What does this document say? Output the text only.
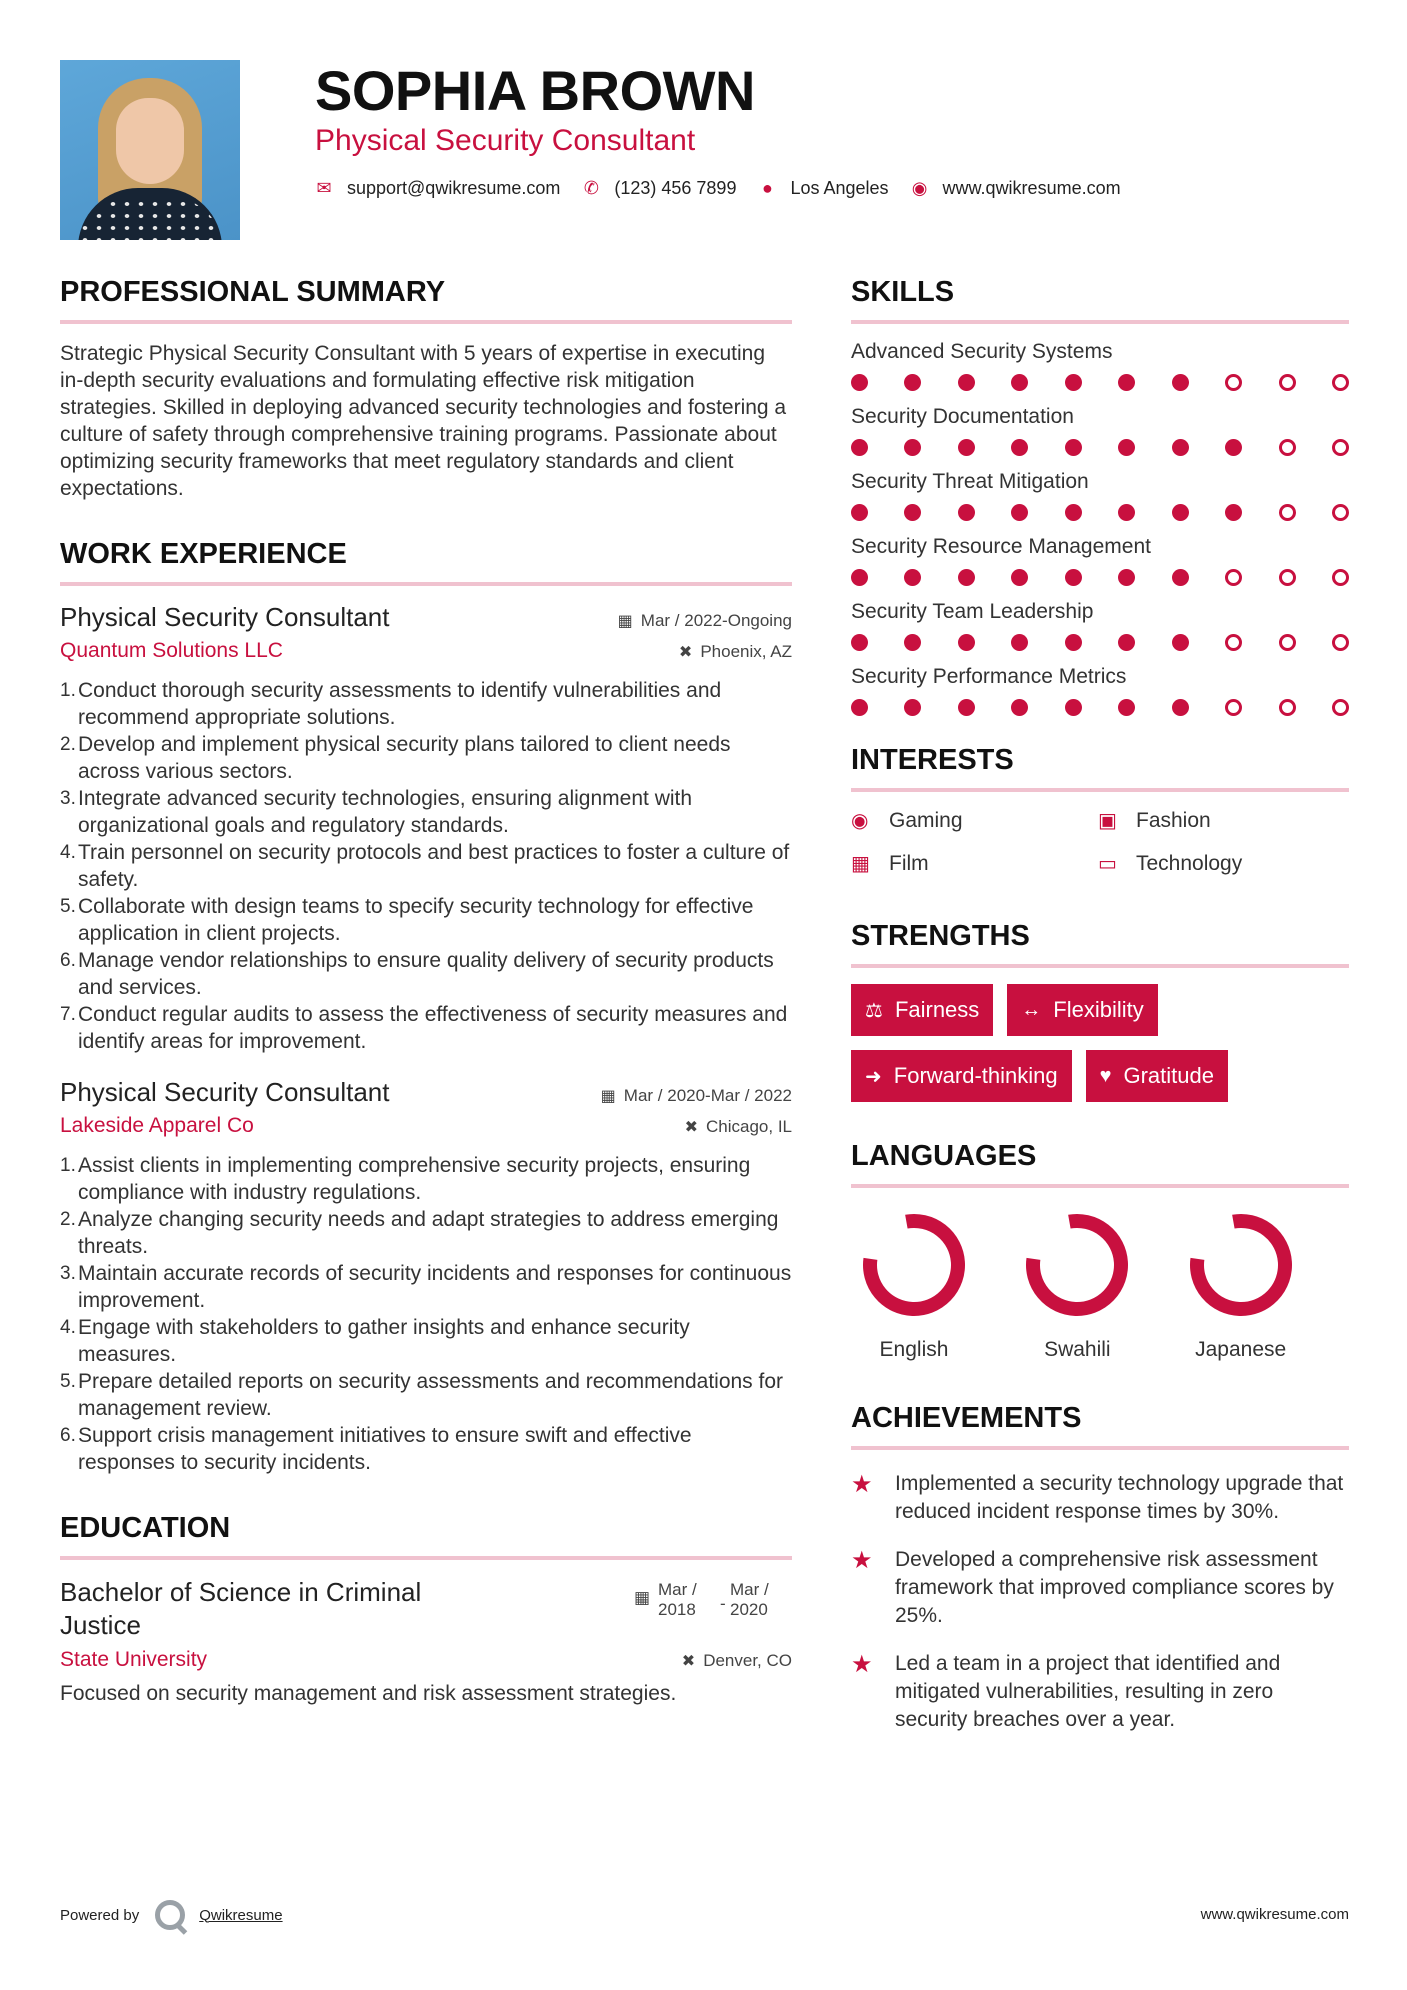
SOPHIA BROWN
Physical Security Consultant
✉ support@qwikresume.com ✆ (123) 456 7899 ● Los Angeles ◉ www.qwikresume.com
PROFESSIONAL SUMMARY

Strategic Physical Security Consultant with 5 years of expertise in executing in-depth security evaluations and formulating effective risk mitigation strategies. Skilled in deploying advanced security technologies and fostering a culture of safety through comprehensive training programs. Passionate about optimizing security frameworks that meet regulatory standards and client expectations.

WORK EXPERIENCE
Physical Security Consultant	▦ Mar / 2022-Ongoing
Quantum Solutions LLC	✖ Phoenix, AZ
Conduct thorough security assessments to identify vulnerabilities and recommend appropriate solutions.
Develop and implement physical security plans tailored to client needs across various sectors.
Integrate advanced security technologies, ensuring alignment with organizational goals and regulatory standards.
Train personnel on security protocols and best practices to foster a culture of safety.
Collaborate with design teams to specify security technology for effective application in client projects.
Manage vendor relationships to ensure quality delivery of security products and services.
Conduct regular audits to assess the effectiveness of security measures and identify areas for improvement.
Physical Security Consultant	▦ Mar / 2020-Mar / 2022
Lakeside Apparel Co	✖ Chicago, IL
Assist clients in implementing comprehensive security projects, ensuring compliance with industry regulations.
Analyze changing security needs and adapt strategies to address emerging threats.
Maintain accurate records of security incidents and responses for continuous improvement.
Engage with stakeholders to gather insights and enhance security measures.
Prepare detailed reports on security assessments and recommendations for management review.
Support crisis management initiatives to ensure swift and effective responses to security incidents.
EDUCATION
Bachelor of Science in Criminal Justice
▦ Mar / 2018	-
Mar / 2020
State University	✖ Denver, CO

Focused on security management and risk assessment strategies.

SKILLS
Advanced Security Systems
Security Documentation
Security Threat Mitigation
Security Resource Management
Security Team Leadership
Security Performance Metrics
INTERESTS
◉ Gaming	▣ Fashion
▦ Film	▭ Technology
STRENGTHS
⚖ Fairness ↔ Flexibility
➜ Forward-thinking ♥ Gratitude
LANGUAGES
English	Swahili	Japanese
ACHIEVEMENTS
★	Implemented a security technology upgrade that reduced incident response times by 30%.
★	Developed a comprehensive risk assessment framework that improved compliance scores by 25%.
★	Led a team in a project that identified and mitigated vulnerabilities, resulting in zero security breaches over a year.
Powered by	Qwikresume	www.qwikresume.com
